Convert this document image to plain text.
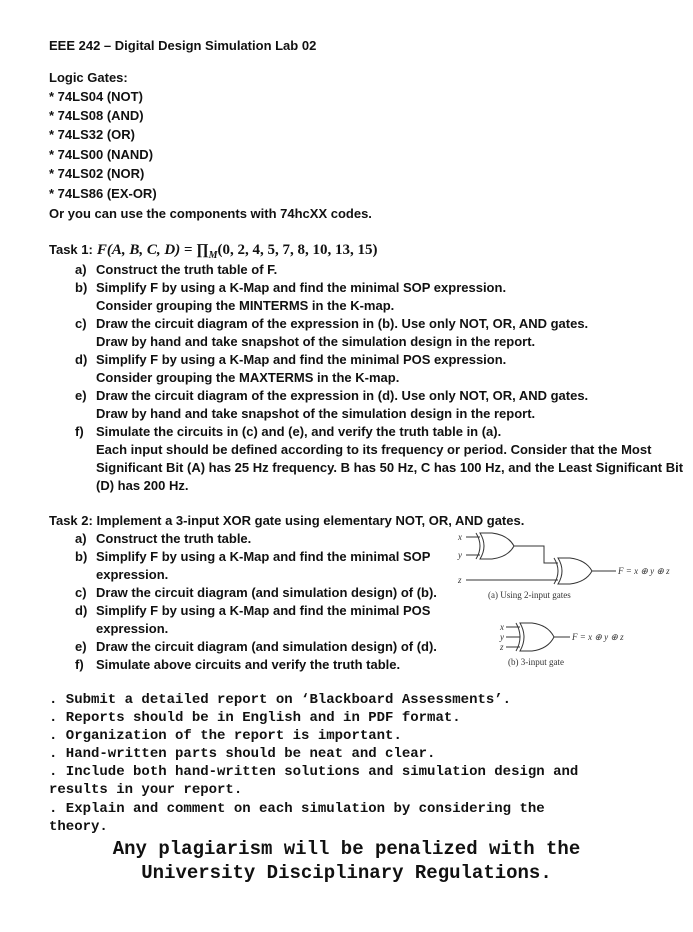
EEE 242 – Digital Design Simulation Lab 02
Logic Gates:
* 74LS04 (NOT)
* 74LS08 (AND)
* 74LS32 (OR)
* 74LS00 (NAND)
* 74LS02 (NOR)
* 74LS86 (EX-OR)
Or you can use the components with 74hcXX codes.
Task 1: F(A, B, C, $D) = \prod_M(0$, 2, 4, 5, 7, 8, 10, 13, 15)
a) Construct the truth table of F.
b) Simplify F by using a K-Map and find the minimal SOP expression.
Consider grouping the MINTERMS in the K-map.
c) Draw the circuit diagram of the expression in (b). Use only NOT, OR, AND gates.
Draw by hand and take snapshot of the simulation design in the report.
d) Simplify F by using a K-Map and find the minimal POS expression.
Consider grouping the MAXTERMS in the K-map.
e) Draw the circuit diagram of the expression in (d). Use only NOT, OR, AND gates.
Draw by hand and take snapshot of the simulation design in the report.
f) Simulate the circuits in (c) and (e), and verify the truth table in (a).
Each input should be defined according to its frequency or period. Consider that the Most
Significant Bit (A) has 25 Hz frequency. B has 50 Hz, C has 100 Hz, and the Least Significant Bit
(D) has 200 Hz.
Task 2: Implement a 3-input XOR gate using elementary NOT, OR, AND gates.
a) Construct the truth table.
b) Simplify F by using a K-Map and find the minimal SOP
expression.
c) Draw the circuit diagram (and simulation design) of (b).
d) Simplify F by using a K-Map and find the minimal POS
expression.
e) Draw the circuit diagram (and simulation design) of (d).
f) Simulate above circuits and verify the truth table.
x
y
z
F = x ⊕ y ⊕ z
(a) Using 2-input gates
x
y
z
F = x ⊕ y ⊕ z
(b) 3-input gate
. Submit a detailed report on ‘Blackboard Assessments’.
. Reports should be in English and in PDF format.
. Organization of the report is important.
. Hand-written parts should be neat and clear.
. Include both hand-written solutions and simulation design and
results in your report.
. Explain and comment on each simulation by considering the
theory.
Any plagiarism will be penalized with the
University Disciplinary Regulations.
